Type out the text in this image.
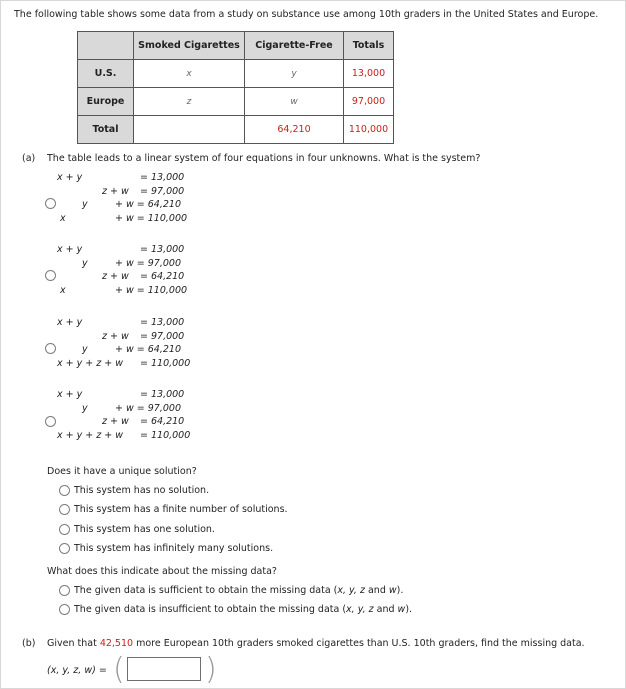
The following table shows some data from a study on substance use among 10th graders in the United States and Europe.
	Smoked Cigarettes	Cigarette-Free	Totals
U.S.	x	y	13,000
Europe	z	w	97,000
Total		64,210	110,000
(a) The table leads to a linear system of four equations in four unknowns. What is the system?
x + y	= 13,000
z + w = 97,000
y	+ w = 64,210
x	+ w = 110,000
x + y	= 13,000
y	+ w = 97,000
z + w = 64,210
x	+ w = 110,000
x + y	= 13,000
z + w = 97,000
y	+ w = 64,210
x + y + z + w = 110,000
x + y	= 13,000
y	+ w = 97,000
z + w = 64,210
x + y + z + w = 110,000
Does it have a unique solution?
This system has no solution.
This system has a finite number of solutions.
This system has one solution.
This system has infinitely many solutions.
What does this indicate about the missing data?
The given data is sufficient to obtain the missing data (x, y, z and w).
The given data is insufficient to obtain the missing data (x, y, z and w).
(b) Given that 42,510 more European 10th graders smoked cigarettes than U.S. 10th graders, find the missing data.
(x, y, z, w) = (	)
